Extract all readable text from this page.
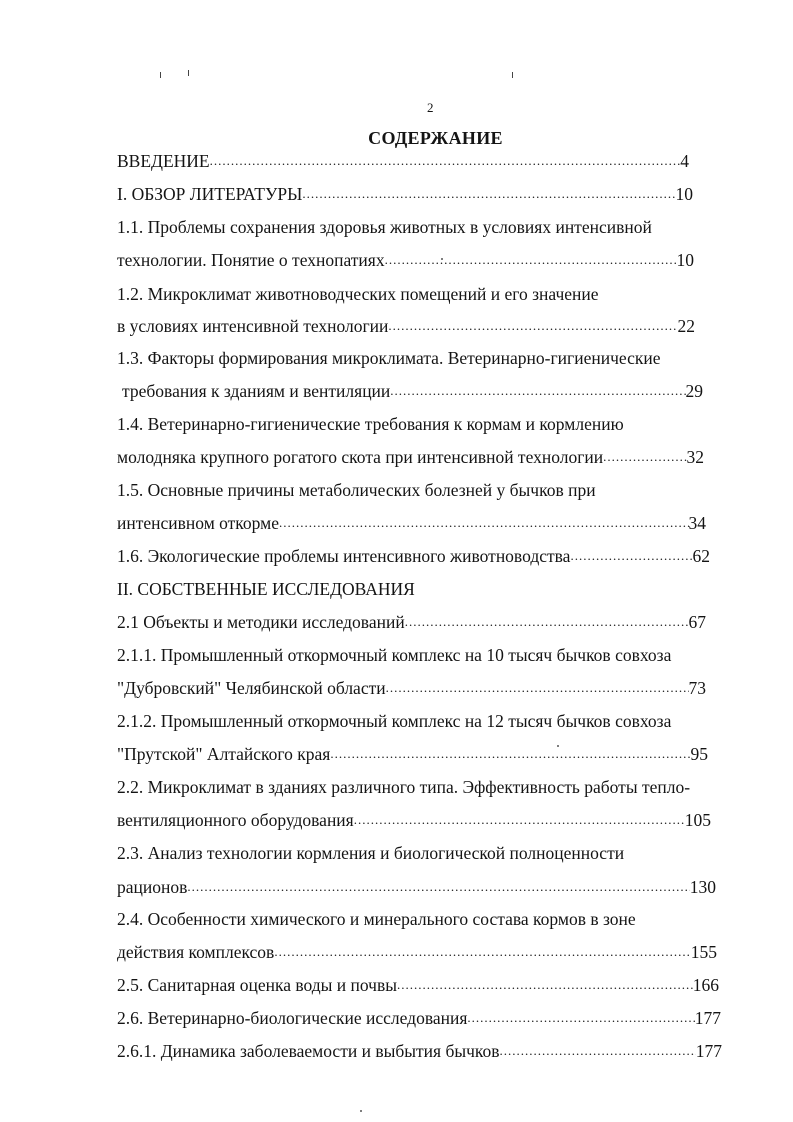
2
СОДЕРЖАНИЕ
ВВЕДЕНИЕ .....	4
I. ОБЗОР ЛИТЕРАТУРЫ .....	10
1.1. Проблемы сохранения здоровья животных в условиях интенсивной
технологии. Понятие о технопатиях .....	10
1.2. Микроклимат животноводческих помещений и его значение
в условиях интенсивной технологии .....	22
1.3. Факторы формирования микроклимата. Ветеринарно-гигиенические
требования к зданиям и вентиляции .....	29
1.4. Ветеринарно-гигиенические требования к кормам и кормлению
молодняка крупного рогатого скота при интенсивной технологии .....	32
1.5. Основные причины метаболических болезней у бычков при
интенсивном откорме .....	34
1.6. Экологические проблемы интенсивного животноводства .....	62
II. СОБСТВЕННЫЕ ИССЛЕДОВАНИЯ
2.1 Объекты и методики исследований .....	67
2.1.1. Промышленный откормочный комплекс на 10 тысяч бычков совхоза
"Дубровский" Челябинской области .....	73
2.1.2. Промышленный откормочный комплекс на 12 тысяч бычков совхоза
"Прутской" Алтайского края .....	95
2.2. Микроклимат в зданиях различного типа. Эффективность работы тепло-
вентиляционного оборудования .....	105
2.3. Анализ технологии кормления и биологической полноценности
рационов .....	130
2.4. Особенности химического и минерального состава кормов в зоне
действия комплексов .....	155
2.5. Санитарная оценка воды и почвы .....	166
2.6. Ветеринарно-биологические исследования .....	177
2.6.1. Динамика заболеваемости и выбытия бычков .....	177
